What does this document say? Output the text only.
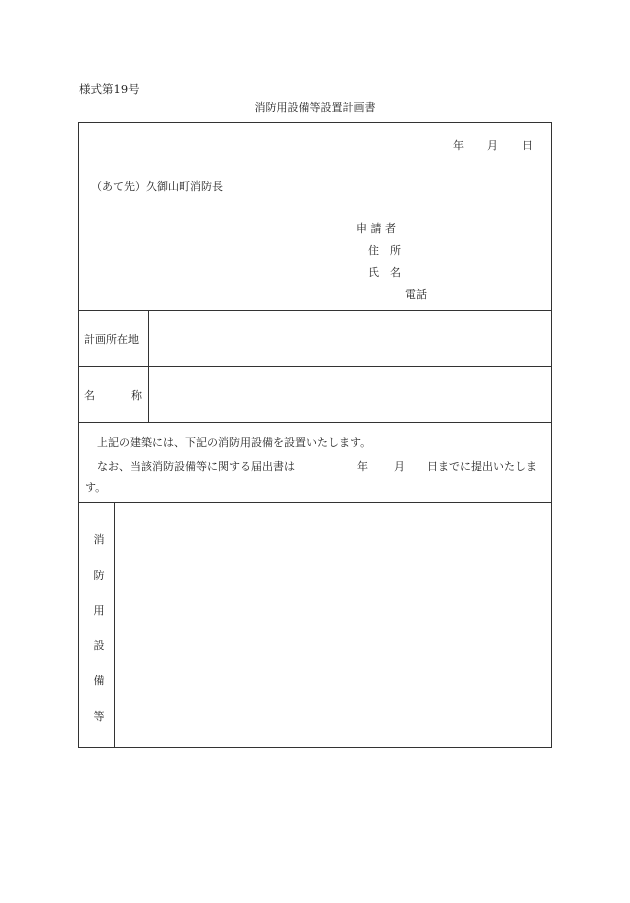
様式第19号
消防用設備等設置計画書
年 月 日
（あて先）久御山町消防長
申 請 者
住　所
氏　名
電話
計画所在地
名	称
上記の建築には、下記の消防用設備を設置いたします。
なお、当該消防設備等に関する届出書は	年 月 日までに提出いたしま
す。
消
防
用
設
備
等
